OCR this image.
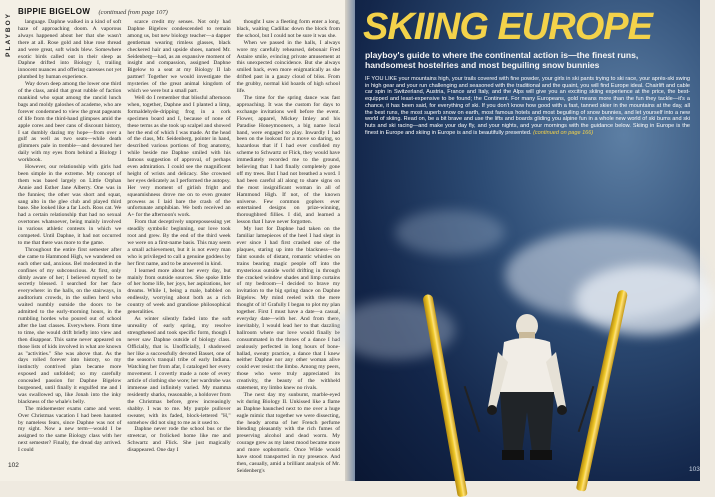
PLAYBOY
BIPPIE BIGELOW (continued from page 107)

language. Daphne walked in a kind of soft haze of approaching doom. A vaporous always happened about her that she wasn't there at all. Rose gold and blue rose thread and were great, soft winds blew. Somewhere exotic birds called out in their sleep as Daphne drifted into Biology I, trailing innocent nuances and offering caresses not yet plumbed by human experience.

Way down deep among the lower one third of the class, amid that great rubble of faction mankind who squat among the rancid lunch bags and moldy galoshes of academe, who are forever condemned to view the great pageants of life from the third-hand glimpses amid the apple cores and beer cans of discount history, I sat dumbly dazing my hope—from over a gulf as well as two seats—while death glimmers pale in tremble—and devoured her daily with my eyes from behind a Biology I workbook.

However, our relationship with girls had been simple in the extreme. My concept of them was based largely on Little Orphan Annie and Esther Jane Alberry. One was in the funnies; the other was short and squat, sang alto in the glee club and played third base. She looked like a far Loch. Ross cat. We had a certain relationship that had no sexual overtones whatsoever, being mainly involved in various athletic contests in which we competed. Until Daphne, it had not occurred to me that there was more to the game.

Throughout the entire first semester after she came to Hammond High, we wandered on each other sad, anxious. Bel moderated in the confines of my subconscious. At first, only dimly aware of her; I believed myself to be secretly blessed. I searched for her face everywhere: in the halls, on the stairways, in auditorium crowds, in the sullen herd who waited numbly outside the doors to be admitted to the early-morning hours, in the rumbling hordes who poured out of school after the last classes. Everywhere. From time to time, she would drift briefly into view and then disappear. This same never appeared on those lists of kids involved in what are known as "activities." She was above that. As the days rolled forever into history, so my instinctly contrived plan became more exposed and unfolded; so my carefully concealed passion for Daphne Bigelow burgeoned, until finally it engulfed me and I was swallowed up, like Jonah into the inky blackness of the whale's belly.

The midsemester exams came and went. Over Christmas vacation I had been haunted by nameless fears, since Daphne was not of my sight. Now a new term—would I be assigned to the same Biology class with her next semester? Finally, the dread day arrived. I could

scarce credit my senses. Not only had Daphne Bigelow condescended to remain among us, but new biology teacher—a dapper gentleman wearing rimless glasses, black checkered hair and upside shoes, named Mr. Seidenberg—had, as an expansive moment of insight and compassion, assigned Daphne Bigelow to a seat at my Biology II lab partner! Together we would investigate the mysteries of the great animal kingdom of which we were but a small part.

Well do I remember that blissful afternoon when, together, Daphne and I planted a limp, formaldehyde-dripping frog in a cork specimen board and I, because of none of these terms as she took up scalpel and showed her the end of which I was made. At the head of the class, Mr. Seidenberg, pointer in hand, described various portions of frog anatomy, while beside me Daphne smiled with his famous suggestion of approval, of perhaps even admiration. I could see the magnificent height of wrists and delicacy. She crowned her eyes delicately as I performed the autopsy. Her very moment of girlish fright and squeamishness drove me on to even greater prowess as I laid bare the crash of the unfortunate amphibian. We both received an A+ for the afternoon's work.

From that deceptively unprepossessing yet steadily symbolic beginning, our love took root and grew. By the end of the third week we were on a first-name basis. This may seem a small achievement, but it is not every man who is privileged to call a genuine goddess by her first name, and to be answered in kind.

I learned more about her every day, but mainly from outside sources. She spoke little of her home life, her joys, her aspirations, her dreams. While I, being a male, babbled on endlessly, worrying about both as a rich country of week and grandiose philosophical generalities.

As winter silently faded into the soft unreality of early spring, my resolve strengthened and took specific form, though I never saw Daphne outside of biology class. Officially, that is. Unofficially, I shadowed her like a successfully devoted Basset, one of the season's tranquil tribe of early Indiana. Watching her from afar, I cataloged her every movement. I covertly made a note of every article of clothing she wore; her wardrobe was immense and infinitely varied. My mamma residently sharks, reasonable, a holdover from the Christmas before, grew increasingly shabby. I was to me. My purple pullover sweater, with its faded, block-lettered "H," somehow did not sing to me as it used to.

Daphne never rode the school bus or the streetcar, or frolicked home like me and Schwartz and Flick. She just magically disappeared. One day I

thought I saw a fleeting form enter a long, black, waiting Cadillac down the block from the school, but I could not be sure it was she.

When we passed in the halls, I always wore my carefully rehearsed, debonair Fred Astaire smile, evincing private amusement at this unexpected coincidence. But she always smiled back, even more enigmatically as she drifted past in a gauzy cloud of bliss. From the grubby, normal kid hoards of high school life.

The time for the spring dance was fast approaching. It was the custom for days to exchange invitations well before the event. Flower, apparel, Mickey Imley and his Paradise Honeymooners, a big name local band, were engaged to play. Inwardly I had been on the lookout for a move so daring, so hazardous that if I had ever confided my scheme to Schwartz or Flick, they would have immediately recorded me to the ground, believing that I had finally completely gone off my trees. But I had not breathed a word. I had been careful all along to share signs on the most insignificant woman in all of Hammond High. If not, of the known universe. Few common gophers ever entertained designs on prize-winning, thoroughbred fillies. I did, and learned a lesson that I have never forgotten.

My lust for Daphne had taken on the familiar lamepieces of the heel I had slept in ever since I had first crashed one of the plaques, staring up into the blackness—the faint sounds of distant, romantic whistles on trains bearing magic people off into the mysterious outside world drifting in through the cracked window shades and limp curtains of my bedroom—I decided to brave my invitation to the big spring dance on Daphne Bigelow. My mind reeled with the mere thought of it! Grafully I began to plot my plan together. First I must have a date—a casual, everyday date—with her. And from there, inevitably, I would lead her to that dazzling ballroom where our love would finally be consummated in the throes of a dance I had zealously perfected in long hours of bone-ballad, sweaty practice, a dance that I knew neither Daphne nor any other woman alive could ever resist: the limbo. Among my peers, those who were truly appreciated its creativity, the beauty of the withheld statement, my limbo knew no rivals.

The next day my sunburnt, marble-eyed wit during Biology II. Unkissed like a flame as Daphne haunched next to me over a huge eagle mimic that together we were dissecting, the heady aroma of her French perfume blending pleasantly with the rich fumes of preserving alcohol and dead worm. My courage grew as my latest mood became more and more sophomoric. Once Wilde would have stood transported in my presence. And then, casually, amid a brilliant analysis of Mr. Seidenberg's

102
SKIING EUROPE
playboy's guide to where the continental action is—the finest runs, handsomest hostelries and most beguiling snow bunnies
IF YOU LIKE your mountains high, your trails covered with fine powder, your girls in ski pants trying to ski race, your après-ski swing in high gear and your run challenging and seasoned with the traditional and the quaint, you will find Europe ideal. Chairlift and cable car spin in Switzerland, Austria, France and Italy, and the Alps will give you an exciting skiing experience at the price, the best-equipped and least-expensive to be found; the Continent. For many Europeans, gold means more than the fun they tackle—it's a chance, it has been said, for everything of ski. If you don't know how good with a fast, tanned skier in the mountains at the day, all the best runs, the most superb snow on earth, most famous hotels and most beguiling of snow bunnies, and let yourself into a new world of skiing. Read on, be a bit brave and use the lifts and boards gliding you alpine fun in a whole new world of ski bums and ski huts and ski racing—and make your day fly, and your nights, and your mornings with the guidance below. Skiing in Europe is the finest in Europe and skiing in Europe is and is beautifully presented. (continued on page 166)
103
